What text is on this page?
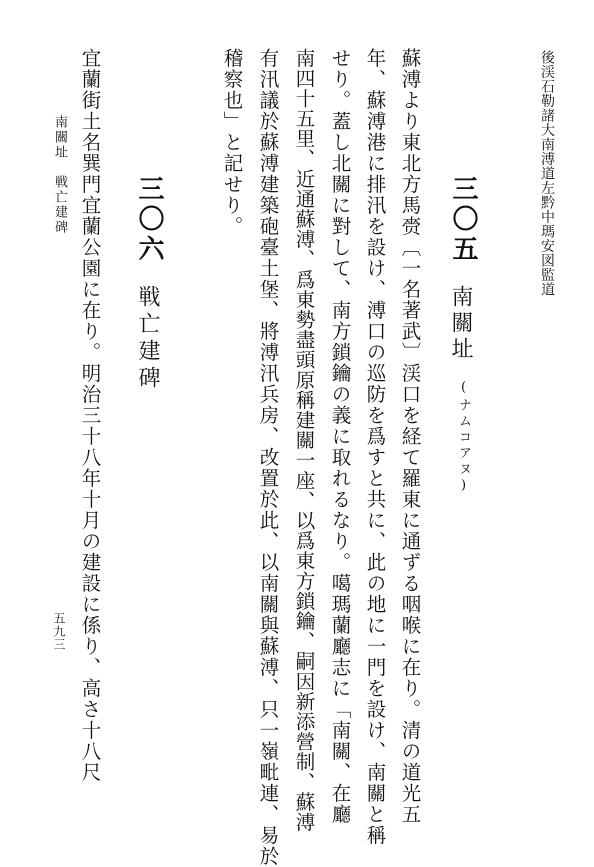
後渓石勒諸大南溥道左黔中瑪安図監道
三〇五
南關址
(ナムコアヌ)
蘇溥より東北方馬赍〔一名著武〕渓口を経て羅東に通ずる咽喉に在り。清の道光五
年、蘇溥港に排汛を設け、溥口の巡防を爲すと共に、此の地に一門を設け、南關と稱
せり。蓋し北關に對して、南方鎖鑰の義に取れるなり。噶瑪蘭廳志に「南關、在廳
南四十五里、近通蘇溥、爲東勢盡頭原稱建關一座、以爲東方鎖鑰、嗣因新添營制、蘇溥
有汛議於蘇溥建築砲臺土堡、將溥汛兵房、改置於此、以南關與蘇溥、只一嶺毗連、易於
稽察也」と記せり。
三〇六
戦亡建碑
宜蘭街土名巽門宜蘭公園に在り。明治三十八年十月の建設に係り、高さ十八尺
南關址　戦亡建碑
五九三
